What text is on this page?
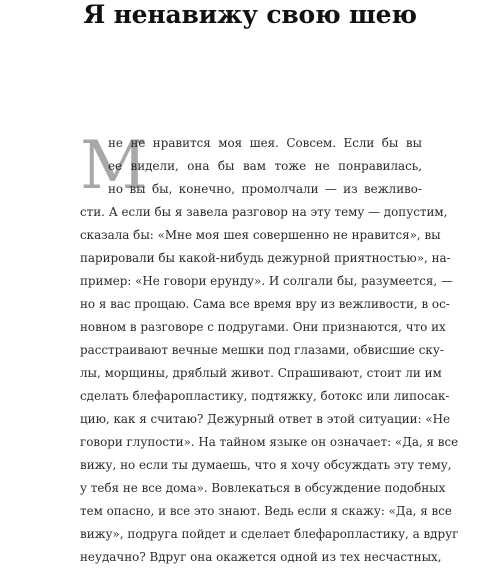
Я ненавижу свою шею
М
не не нравится моя шея. Совсем. Если бы вы
ее видели, она бы вам тоже не понравилась,
но вы бы, конечно, промолчали — из вежливо-
сти. А если бы я завела разговор на эту тему — допустим,
сказала бы: «Мне моя шея совершенно не нравится», вы
парировали бы какой-нибудь дежурной приятностью», на-
пример: «Не говори ерунду». И солгали бы, разумеется, —
но я вас прощаю. Сама все время вру из вежливости, в ос-
новном в разговоре с подругами. Они признаются, что их
расстраивают вечные мешки под глазами, обвисшие ску-
лы, морщины, дряблый живот. Спрашивают, стоит ли им
сделать блефаропластику, подтяжку, ботокс или липосак-
цию, как я считаю? Дежурный ответ в этой ситуации: «Не
говори глупости». На тайном языке он означает: «Да, я все
вижу, но если ты думаешь, что я хочу обсуждать эту тему,
у тебя не все дома». Вовлекаться в обсуждение подобных
тем опасно, и все это знают. Ведь если я скажу: «Да, я все
вижу», подруга пойдет и сделает блефаропластику, а вдруг
неудачно? Вдруг она окажется одной из тех несчастных,
